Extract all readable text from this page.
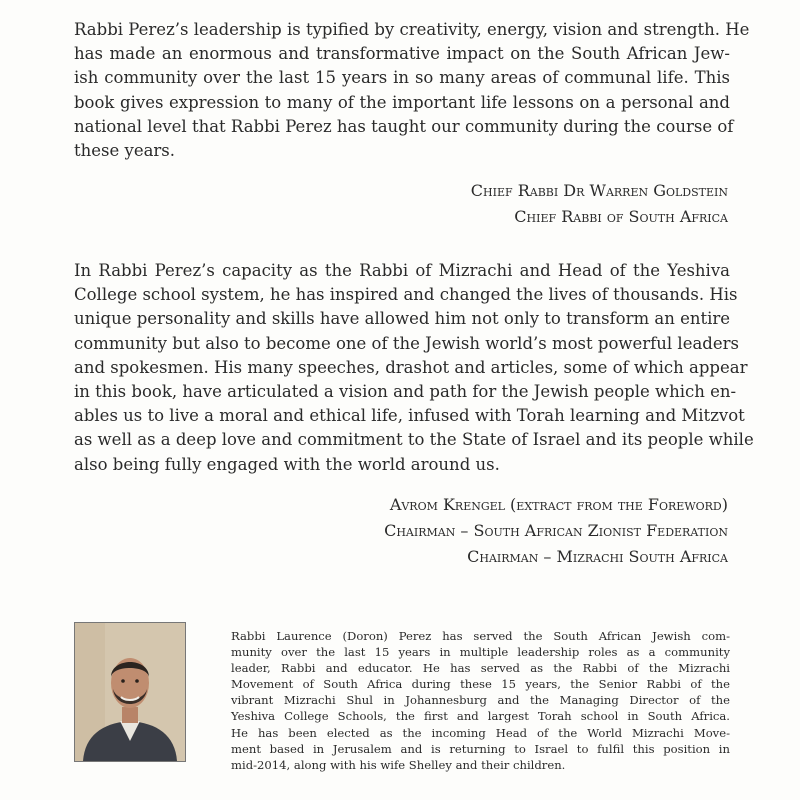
Rabbi Perez’s leadership is typified by creativity, energy, vision and strength. He
has made an enormous and transformative impact on the South African Jew-
ish community over the last 15 years in so many areas of communal life. This
book gives expression to many of the important life lessons on a personal and
national level that Rabbi Perez has taught our community during the course of
these years.
Chief Rabbi Dr Warren Goldstein
Chief Rabbi of South Africa
In Rabbi Perez’s capacity as the Rabbi of Mizrachi and Head of the Yeshiva
College school system, he has inspired and changed the lives of thousands. His
unique personality and skills have allowed him not only to transform an entire
community but also to become one of the Jewish world’s most powerful leaders
and spokesmen. His many speeches, drashot and articles, some of which appear
in this book, have articulated a vision and path for the Jewish people which en-
ables us to live a moral and ethical life, infused with Torah learning and Mitzvot
as well as a deep love and commitment to the State of Israel and its people while
also being fully engaged with the world around us.
Avrom Krengel (extract from the Foreword)
Chairman – South African Zionist Federation
Chairman – Mizrachi South Africa
Rabbi Laurence (Doron) Perez has served the South African Jewish com-
munity over the last 15 years in multiple leadership roles as a community
leader, Rabbi and educator. He has served as the Rabbi of the Mizrachi
Movement of South Africa during these 15 years, the Senior Rabbi of the
vibrant Mizrachi Shul in Johannesburg and the Managing Director of the
Yeshiva College Schools, the first and largest Torah school in South Africa.
He has been elected as the incoming Head of the World Mizrachi Move-
ment based in Jerusalem and is returning to Israel to fulfil this position in
mid-2014, along with his wife Shelley and their children.
